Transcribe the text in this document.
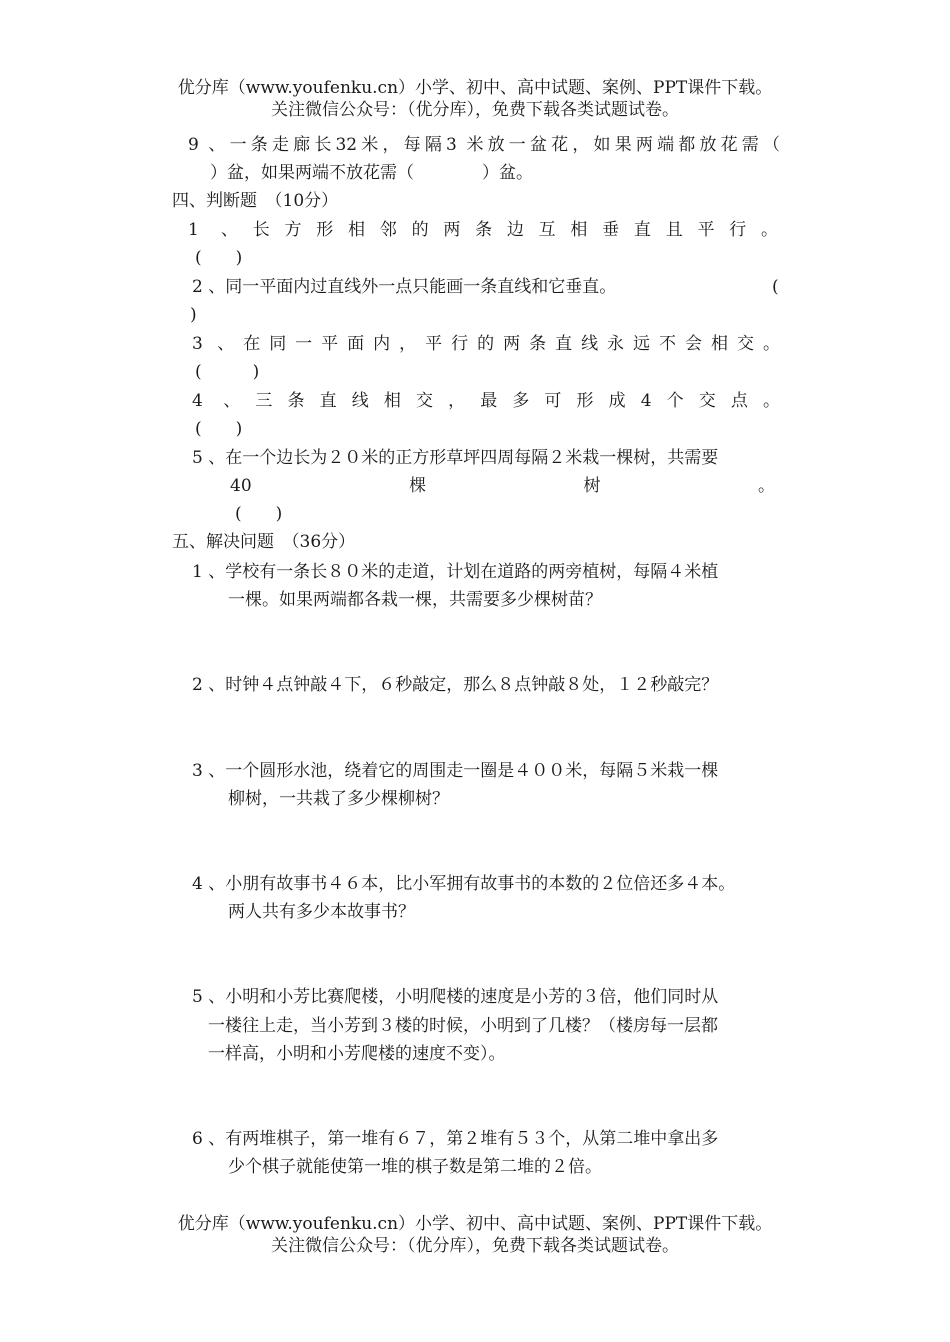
优分库（www.youfenku.cn）小学、初中、高中试题、案例、PPT课件下载。
关注微信公众号：（优分库），免费下载各类试题试卷。
9 、一条走廊长32米，每隔3 米放一盆花，如果两端都放花需（
）盆，如果两端不放花需（　　　　）盆。
四、判断题　（10分）
1 、长方形相邻的两条边互相垂直且平行。
(　　)
2 、同一平面内过直线外一点只能画一条直线和它垂直。	(
)
3 、在同一平面内，平行的两条直线永远不会相交。
(　　　)
4 、三条直线相交，最多可形成4个交点。
(　　)
5 、在一个边长为２０米的正方形草坪四周每隔２米栽一棵树，共需要
40棵树。
(　　)
五、解决问题　（36分）
1 、学校有一条长８０米的走道，计划在道路的两旁植树，每隔４米植
一棵。如果两端都各栽一棵，共需要多少棵树苗？
2 、时钟４点钟敲４下，６秒敲定，那么８点钟敲８处，１２秒敲完？
3 、一个圆形水池，绕着它的周围走一圈是４００米，每隔５米栽一棵
柳树，一共栽了多少棵柳树？
4 、小朋有故事书４６本，比小军拥有故事书的本数的２位倍还多４本。
两人共有多少本故事书？
5 、小明和小芳比赛爬楼，小明爬楼的速度是小芳的３倍，他们同时从
一楼往上走，当小芳到３楼的时候，小明到了几楼？（楼房每一层都
一样高，小明和小芳爬楼的速度不变）。
6 、有两堆棋子，第一堆有６７，第２堆有５３个，从第二堆中拿出多
少个棋子就能使第一堆的棋子数是第二堆的２倍。
优分库（www.youfenku.cn）小学、初中、高中试题、案例、PPT课件下载。
关注微信公众号：（优分库），免费下载各类试题试卷。
